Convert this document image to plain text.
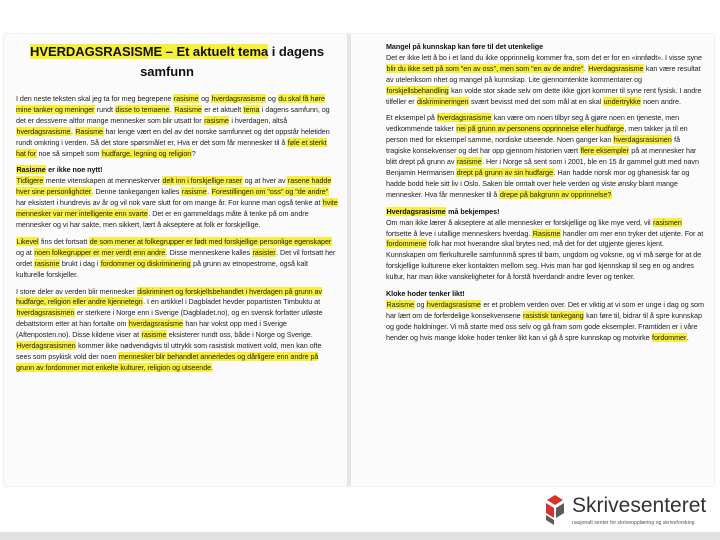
HVERDAGSRASISME – Et aktuelt tema i dagens
samfunn

I den neste teksten skal jeg ta for meg begrepene rasisme og hverdagsrasisme og du skal få høre mine tanker og meninger rundt disse to temaene. Rasisme er et aktuelt tema i dagens samfunn, og det er dessverre altfor mange mennesker som blir utsatt for rasisme i hverdagen, altså hverdagsrasisme. Rasisme har lenge vært en del av det norske samfunnet og det oppstår heletiden rundt omkring i verden. Så det store spørsmålet er, Hva er det som får mennesker til å føle et sterkt hat for noe så simpelt som hudfarge, legning og religion?

Rasisme er ikke noe nytt!

Tidligere mente vitenskapen at menneskerver delt inn i forskjellige raser og at hver av rasene hadde hver sine personlighcter. Denne tankegangen kalles rasisme. Forestillingen om "oss" og "de andre" har eksistert i hundrevis av år og vil nok vare slutt for om mange år. For kunne man også tenke at hvite mennesker var mer intelligente enn svarte. Det er en gammeldags måte å tenke på om andre mennesker og vi har sakte, men sikkert, lært å akseptere at folk er forskjellige.

Likevel fins det fortsatt de som mener at folkegrupper er født med forskjellige personlige egenskaper og at noen folkegrupper er mer verdt enn andre. Disse menneskene kalles rasister. Det vil fortsatt her ordet rasisme brukt i dag i fordommer og diskriminering på grunn av etnopestrome, også kalt kulturelle forskjeller.

I store deler av verden blir mennesker diskriminert og forskjellsbehandlet i hverdagen på grunn av hudfarge, religion eller andre kjennetegn. I en artikkel i Dagbladet hevder popartisten Timbuktu at hverdagsrasismen er sterkere i Norge enn i Sverige (Dagbladet.no), og en svensk forfatter utløste debattstorm etter at han fortalte om hverdagsrasisme han har vokst opp med i Sverige (Aftenposten.no). Disse kildene viser at rasisme eksisterer rundt oss, både i Norge og Sverige. Hverdagsrasismen kommer ikke nødvendigvis til uttrykk som rasistisk motivert vold, men kan ofte sees som psykisk vold der noen mennesker blir behandlet annerledes og dårligere enn andre på grunn av fordommer mot enkelte kulturer, religion og utseende.

Mangel på kunnskap kan føre til det utenkelige

Det er ikke lett å bo i et land du ikke opprinnelig kommer fra, som det er for en «innfødt». I visse syne blir du ikke sett på som "en av oss", men som "en av de andre". Hverdagsrasisme kan være resultat av uteleriksom nhet og mangel på kunnskap. Lite gjennomtenkte kommentarer og forskjellsbehandling kan volde stor skade selv om dette ikke gjort kommer til syne rent fysisk. I andre tilfeller er diskrimineringen svært bevisst med det som mål at en skal undertrykke noen andre.

Et eksempel på hverdagsrasisme kan være om noen tilbyr seg å gjøre noen en tjeneste, men vedkommende takker nei på grunn av personens opprinnelse eller hudfarge, men takker ja til en person med for eksempel samme, nordiske utseende. Noen ganger kan hverdagsrasismen få tragiske konsekvenser og det har opp gjennom historien vært flere eksempler på at mennesker har blitt drept på grunn av rasisme. Her i Norge så sent som i 2001, ble en 15 år gammel gutt med navn Benjamin Hermansen drept på grunn av sin hudfarge. Han hadde norsk mor og ghanesisk far og hadde bodd hele sitt liv i Oslo. Saken ble omtalt over hele verden og viste ønsky blant mange mennesker. Hva får mennesker til å drepe på bakgrunn av opprinnelse?

Hverdagsrasisme må bekjempes!

Om man ikke lærer å akseptere at alle mennesker er forskjellige og like mye verd, vil rasismen fortsette å leve i utallige menneskers hverdag. Rasisme handler om mer enn tryker det utjente. For at fordommene folk har mot hverandre skal brytes ned, må det for det utgjente gjeres kjent. Kunnskapen om flerkulturelle samfunnmå spres til barn, ungdom og voksne, og vi må sørge for at de forskjellige kulturene eker kontakten mellom seg. Hvis man har god kjennskap til seg en og andres kultur, har man ikke vanskeligheter for å forstå hverdandr andre lever og tenker.

Kloke hoder tenker likt!

Rasisme og hverdagsrasisme er et problem verden over. Det er viktig at vi som er unge i dag og som har lært om de forferdelige konsekvensene rasistisk tankegang kan føre til, bidrar til å spre kunnskap og gode holdninger. Vi må starte med oss selv og gå fram som gode eksempler. Framtiden er i våre hender og hvis mange kloke hoder tenker likt kan vi gå å spre kunnskap og motvirke fordommer.

Skrivesenteret
nasjonalt senter for skriveopplæring og skriveforsking
